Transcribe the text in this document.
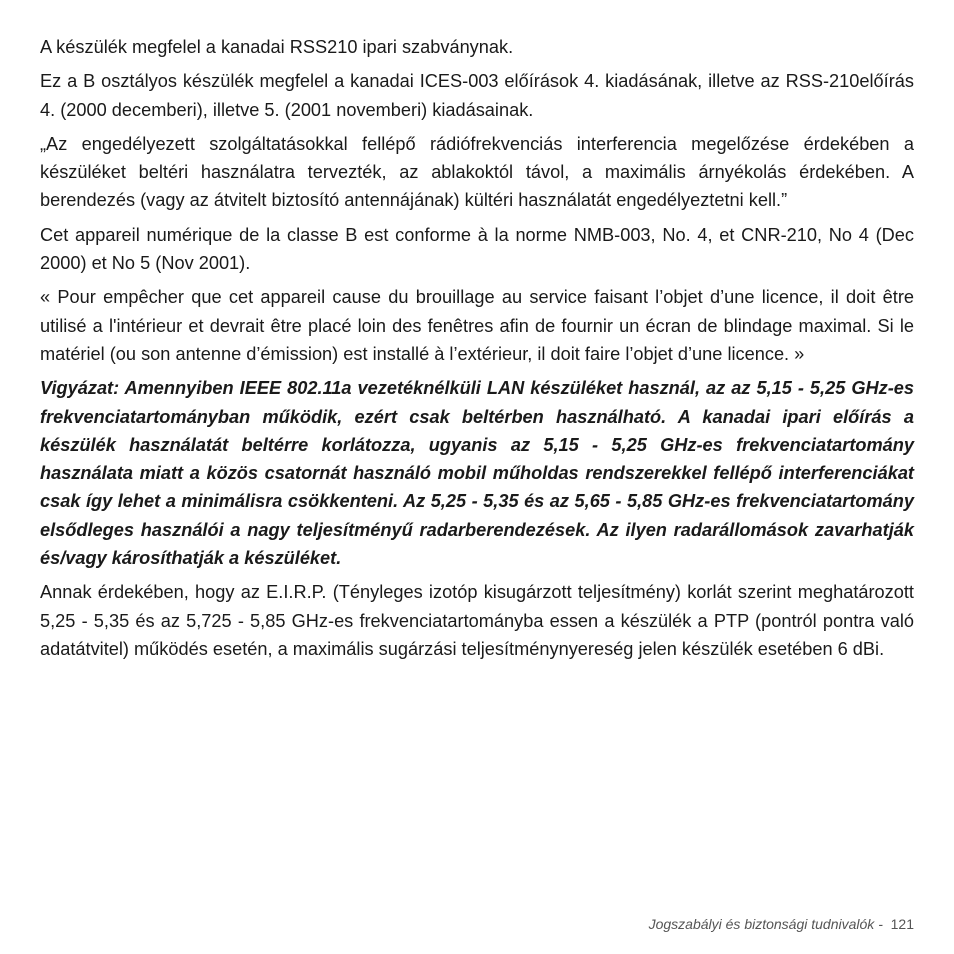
A készülék megfelel a kanadai RSS210 ipari szabványnak.

Ez a B osztályos készülék megfelel a kanadai ICES-003 előírások 4. kiadásának, illetve az RSS-210előírás 4. (2000 decemberi), illetve 5. (2001 novemberi) kiadásainak.

„Az engedélyezett szolgáltatásokkal fellépő rádiófrekvenciás interferencia megelőzése érdekében a készüléket beltéri használatra tervezték, az ablakoktól távol, a maximális árnyékolás érdekében. A berendezés (vagy az átvitelt biztosító antennájának) kültéri használatát engedélyeztetni kell.”

Cet appareil numérique de la classe B est conforme à la norme NMB-003, No. 4, et CNR-210, No 4 (Dec 2000) et No 5 (Nov 2001).

« Pour empêcher que cet appareil cause du brouillage au service faisant l’objet d’une licence, il doit être utilisé a l'intérieur et devrait être placé loin des fenêtres afin de fournir un écran de blindage maximal. Si le matériel (ou son antenne d’émission) est installé à l’extérieur, il doit faire l’objet d’une licence. »

Vigyázat: Amennyiben IEEE 802.11a vezetéknélküli LAN készüléket használ, az az 5,15 - 5,25 GHz-es frekvenciatartományban működik, ezért csak beltérben használható. A kanadai ipari előírás a készülék használatát beltérre korlátozza, ugyanis az 5,15 - 5,25 GHz-es frekvenciatartomány használata miatt a közös csatornát használó mobil műholdas rendszerekkel fellépő interferenciákat csak így lehet a minimálisra csökkenteni. Az 5,25 - 5,35 és az 5,65 - 5,85 GHz-es frekvenciatartomány elsődleges használói a nagy teljesítményű radarberendezések. Az ilyen radarállomások zavarhatják és/vagy károsíthatják a készüléket.

Annak érdekében, hogy az E.I.R.P. (Tényleges izotóp kisugárzott teljesítmény) korlát szerint meghatározott 5,25 - 5,35 és az 5,725 - 5,85 GHz-es frekvenciatartományba essen a készülék a PTP (pontról pontra való adatátvitel) működés esetén, a maximális sugárzási teljesítménynyereség jelen készülék esetében 6 dBi.

Jogszabályi és biztonsági tudnivalók - 121
